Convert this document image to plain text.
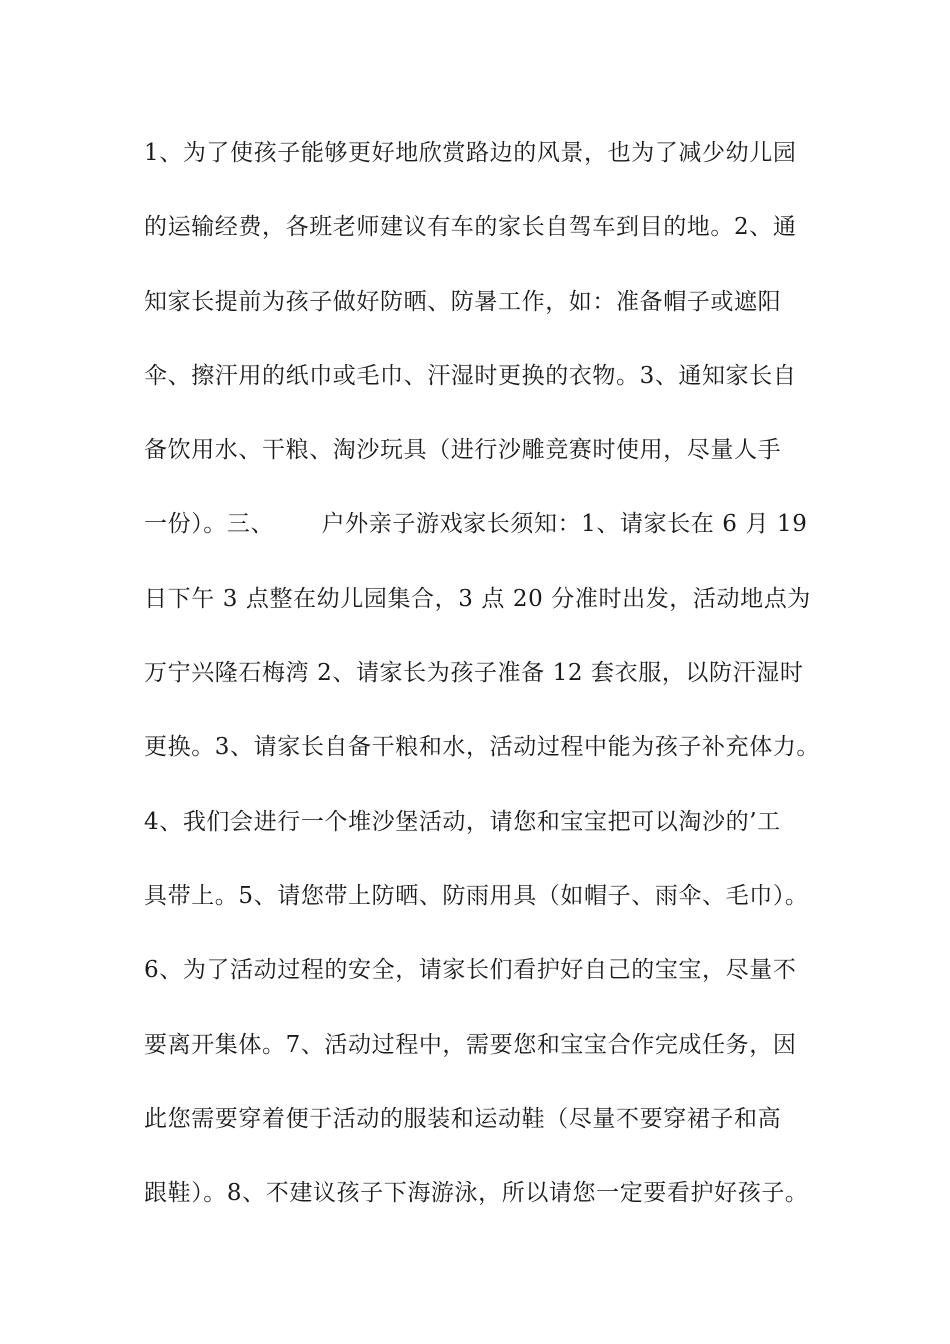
1、为了使孩子能够更好地欣赏路边的风景，也为了减少幼儿园
的运输经费，各班老师建议有车的家长自驾车到目的地。2、通
知家长提前为孩子做好防晒、防暑工作，如：准备帽子或遮阳
伞、擦汗用的纸巾或毛巾、汗湿时更换的衣物。3、通知家长自
备饮用水、干粮、淘沙玩具（进行沙雕竞赛时使用，尽量人手
一份）。三、      户外亲子游戏家长须知：1、请家长在 6 月 19
日下午 3 点整在幼儿园集合，3 点 20 分准时出发，活动地点为
万宁兴隆石梅湾 2、请家长为孩子准备 12 套衣服，以防汗湿时
更换。3、请家长自备干粮和水，活动过程中能为孩子补充体力。
4、我们会进行一个堆沙堡活动，请您和宝宝把可以淘沙的’工
具带上。5、请您带上防晒、防雨用具（如帽子、雨伞、毛巾）。
6、为了活动过程的安全，请家长们看护好自己的宝宝，尽量不
要离开集体。7、活动过程中，需要您和宝宝合作完成任务，因
此您需要穿着便于活动的服装和运动鞋（尽量不要穿裙子和高
跟鞋）。8、不建议孩子下海游泳，所以请您一定要看护好孩子。
